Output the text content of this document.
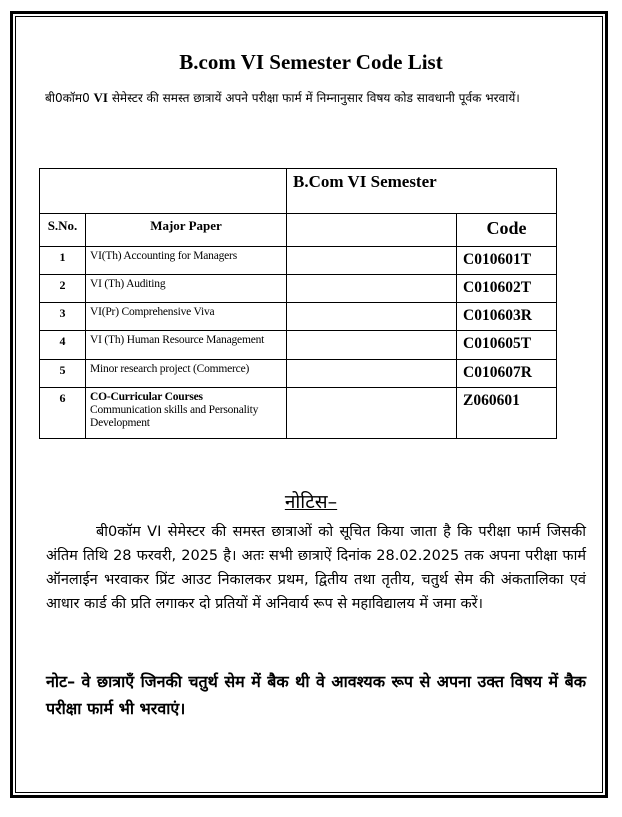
B.com VI Semester Code List
बी0कॉम0 VI सेमेस्टर की समस्त छात्रायें अपने परीक्षा फार्म में निम्नानुसार विषय कोड सावधानी पूर्वक भरवायें।
		B.Com VI Semester	
S.No.	Major Paper		Code
1	VI(Th) Accounting for Managers		C010601T
2	VI (Th) Auditing		C010602T
3	VI(Pr) Comprehensive Viva		C010603R
4	VI (Th) Human Resource Management		C010605T
5	Minor research project (Commerce)		C010607R
6	CO-Curricular Courses
Communication skills and Personality Development		Z060601
नोटिस–
बी0कॉम VI सेमेस्टर की समस्त छात्राओं को सूचित किया जाता है कि परीक्षा फार्म जिसकी अंतिम तिथि 28 फरवरी, 2025 है। अतः सभी छात्राऐं दिनांक 28.02.2025 तक अपना परीक्षा फार्म ऑनलाईन भरवाकर प्रिंट आउट निकालकर प्रथम, द्वितीय तथा तृतीय, चतुर्थ सेम की अंकतालिका एवं आधार कार्ड की प्रति लगाकर दो प्रतियों में अनिवार्य रूप से महाविद्यालय में जमा करें।
नोट– वे छात्राएँ जिनकी चतुर्थ सेम में बैक थी वे आवश्यक रूप से अपना उक्त विषय में बैक परीक्षा फार्म भी भरवाएं।
